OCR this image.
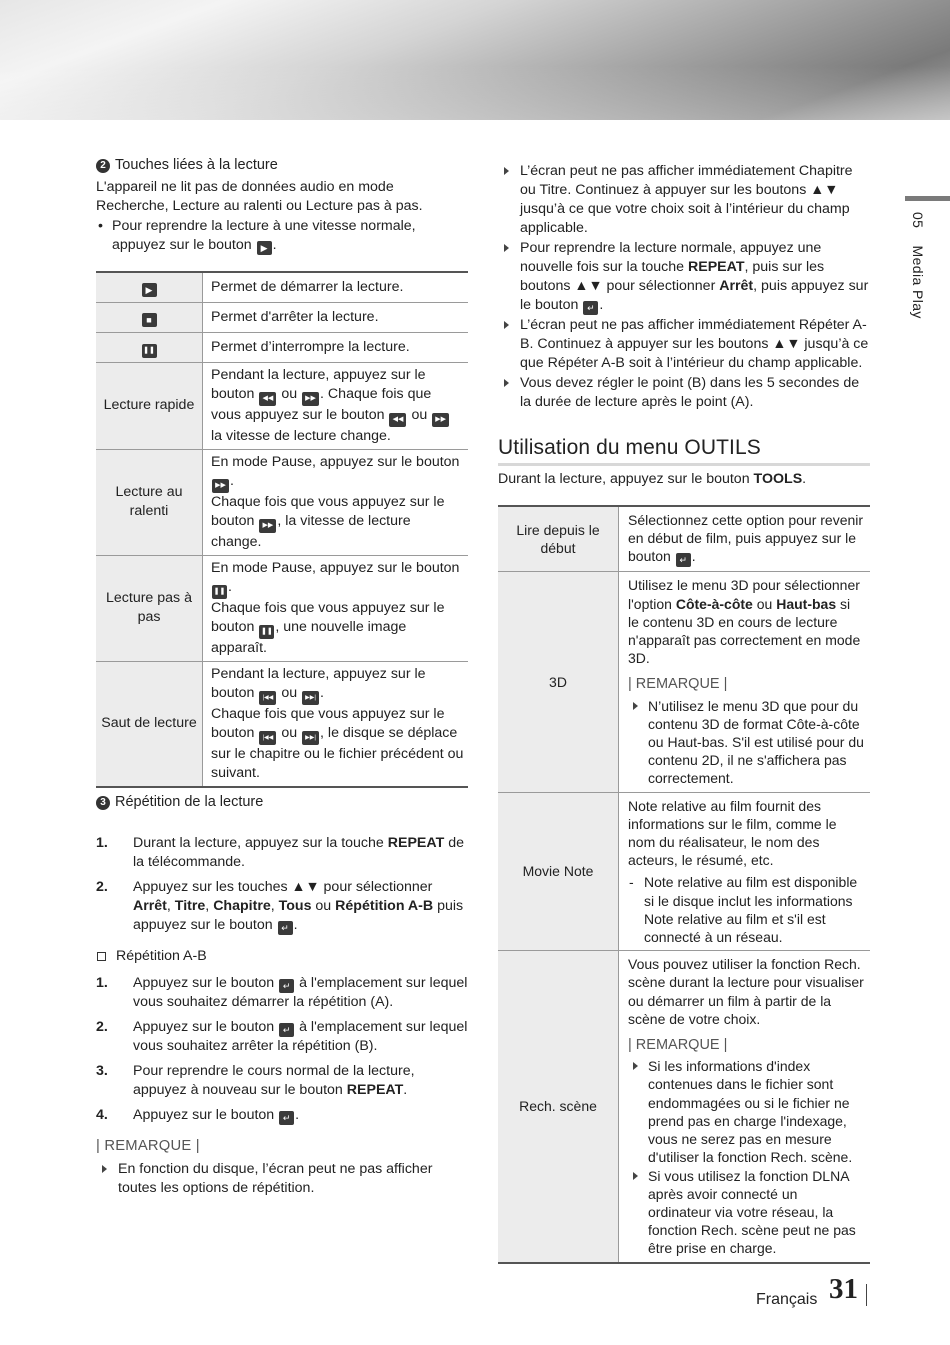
05    Media Play

2 Touches liées à la lecture

L'appareil ne lit pas de données audio en mode Recherche, Lecture au ralenti ou Lecture pas à pas.

• Pour reprendre la lecture à une vitesse normale, appuyez sur le bouton ▶ .

▶	Permet de démarrer la lecture.
■	Permet d'arrêter la lecture.
❚❚	Permet d’interrompre la lecture.
Lecture rapide	Pendant la lecture, appuyez sur le bouton ◀◀ ou ▶▶ . Chaque fois que vous appuyez sur le bouton ◀◀ ou ▶▶ la vitesse de lecture change.
Lecture au ralenti	En mode Pause, appuyez sur le bouton ▶▶ .
Chaque fois que vous appuyez sur le bouton ▶▶ , la vitesse de lecture change.
Lecture pas à pas	En mode Pause, appuyez sur le bouton ❚❚ .
Chaque fois que vous appuyez sur le bouton ❚❚ , une nouvelle image apparaît.
Saut de lecture	Pendant la lecture, appuyez sur le bouton |◀◀ ou ▶▶| .
Chaque fois que vous appuyez sur le bouton |◀◀ ou ▶▶| , le disque se déplace sur le chapitre ou le fichier précédent ou suivant.

3 Répétition de la lecture

1. Durant la lecture, appuyez sur la touche REPEAT de la télécommande.
2. Appuyez sur les touches ▲▼ pour sélectionner Arrêt, Titre, Chapitre, Tous ou Répétition A-B puis appuyez sur le bouton ↵ .

Répétition A-B

1. Appuyez sur le bouton ↵ à l'emplacement sur lequel vous souhaitez démarrer la répétition (A).
2. Appuyez sur le bouton ↵ à l'emplacement sur lequel vous souhaitez arrêter la répétition (B).
3. Pour reprendre le cours normal de la lecture, appuyez à nouveau sur le bouton REPEAT.
4. Appuyez sur le bouton ↵ .

| REMARQUE |

En fonction du disque, l’écran peut ne pas afficher toutes les options de répétition.

L’écran peut ne pas afficher immédiatement Chapitre ou Titre. Continuez à appuyer sur les boutons ▲▼ jusqu’à ce que votre choix soit à l’intérieur du champ applicable.

Pour reprendre la lecture normale, appuyez une nouvelle fois sur la touche REPEAT, puis sur les boutons ▲▼ pour sélectionner Arrêt, puis appuyez sur le bouton ↵ .

L’écran peut ne pas afficher immédiatement Répéter A-B. Continuez à appuyer sur les boutons ▲▼ jusqu’à ce que Répéter A-B soit à l’intérieur du champ applicable.

Vous devez régler le point (B) dans les 5 secondes de la durée de lecture après le point (A).

Utilisation du menu OUTILS

Durant la lecture, appuyez sur le bouton TOOLS.

Lire depuis le début	Sélectionnez cette option pour revenir en début de film, puis appuyez sur le bouton ↵ .
3D	Utilisez le menu 3D pour sélectionner l'option Côte-à-côte ou Haut-bas si le contenu 3D en cours de lecture n'apparaît pas correctement en mode 3D.

| REMARQUE |

N’utilisez le menu 3D que pour du contenu 3D de format Côte-à-côte ou Haut-bas. S'il est utilisé pour du contenu 2D, il ne s'affichera pas correctement.

Movie Note	Note relative au film fournit des informations sur le film, comme le nom du réalisateur, le nom des acteurs, le résumé, etc.

- Note relative au film est disponible si le disque inclut les informations Note relative au film et s'il est connecté à un réseau.

Rech. scène	Vous pouvez utiliser la fonction Rech. scène durant la lecture pour visualiser ou démarrer un film à partir de la scène de votre choix.

| REMARQUE |

Si les informations d'index contenues dans le fichier sont endommagées ou si le fichier ne prend pas en charge l'indexage, vous ne serez pas en mesure d'utiliser la fonction Rech. scène.

Si vous utilisez la fonction DLNA après avoir connecté un ordinateur via votre réseau, la fonction Rech. scène peut ne pas être prise en charge.

Français 31
